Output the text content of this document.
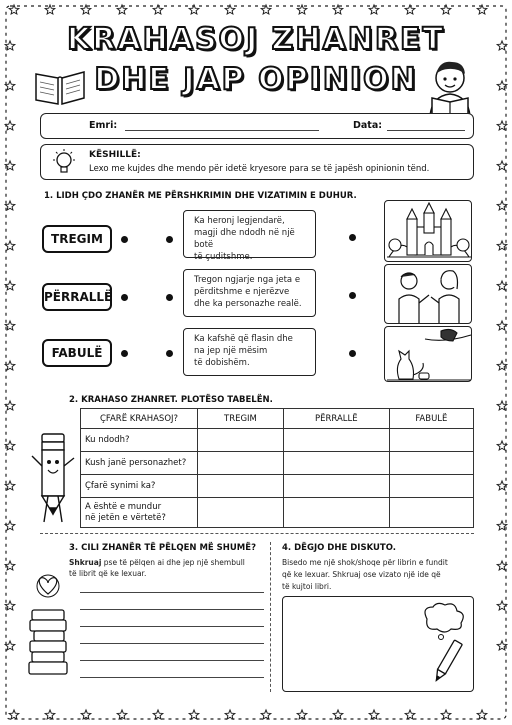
KRAHASOJ ZHANRET
DHE JAP OPINION
Emri:	Data:
KËSHILLË:
Lexo me kujdes dhe mendo për idetë kryesore para se të japësh opinionin tënd.
1. LIDH ÇDO ZHANËR ME PËRSHKRIMIN DHE VIZATIMIN E DUHUR.
TREGIM
PËRRALLË
FABULË
Ka heronj legjendarë,
magji dhe ndodh në një botë
të çuditshme.
Tregon ngjarje nga jeta e
përditshme e njerëzve
dhe ka personazhe realë.
Ka kafshë që flasin dhe
na jep një mësim
të dobishëm.
2. KRAHASO ZHANRET. PLOTËSO TABELËN.
ÇFARË KRAHASOJ?	TREGIM	PËRRALLË	FABULË
Ku ndodh?			
Kush janë personazhet?			
Çfarë synimi ka?			

A është e mundur
në jetën e vërtetë?			

3. CILI ZHANËR TË PËLQEN MË SHUMË?
Shkruaj pse të pëlqen ai dhe jep një shembull
të librit që ke lexuar.
4. DËGJO DHE DISKUTO.
Bisedo me një shok/shoqe për librin e fundit
që ke lexuar. Shkruaj ose vizato një ide që
të kujtoi libri.
